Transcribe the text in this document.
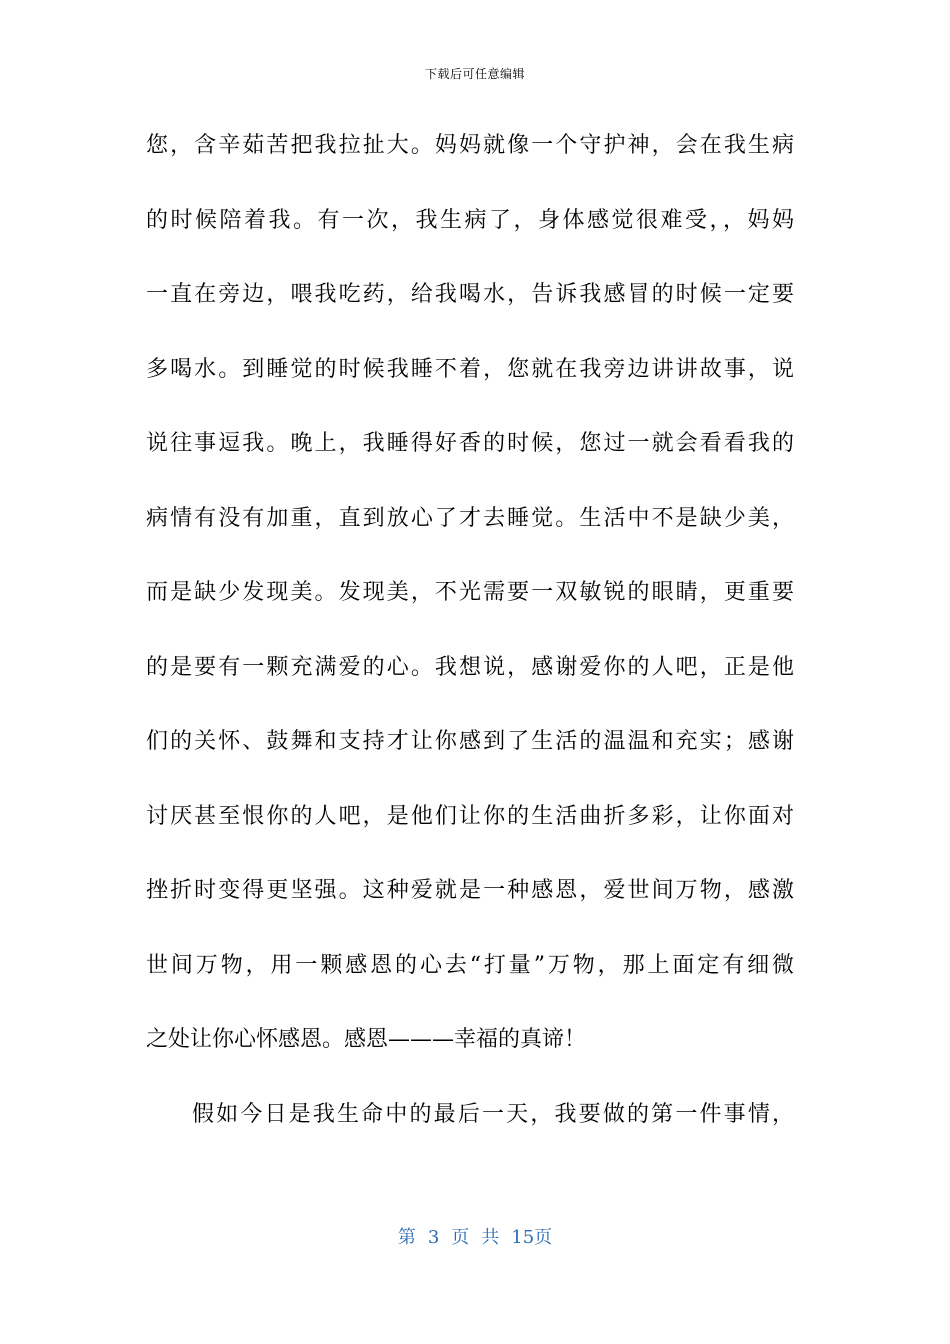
下载后可任意编辑
您，含辛茹苦把我拉扯大。妈妈就像一个守护神，会在我生病
的时候陪着我。有一次，我生病了，身体感觉很难受，，妈妈
一直在旁边，喂我吃药，给我喝水，告诉我感冒的时候一定要
多喝水。到睡觉的时候我睡不着，您就在我旁边讲讲故事，说
说往事逗我。晚上，我睡得好香的时候，您过一就会看看我的
病情有没有加重，直到放心了才去睡觉。生活中不是缺少美，
而是缺少发现美。发现美，不光需要一双敏锐的眼睛，更重要
的是要有一颗充满爱的心。我想说，感谢爱你的人吧，正是他
们的关怀、鼓舞和支持才让你感到了生活的温温和充实；感谢
讨厌甚至恨你的人吧，是他们让你的生活曲折多彩，让你面对
挫折时变得更坚强。这种爱就是一种感恩，爱世间万物，感激
世间万物，用一颗感恩的心去“打量”万物，那上面定有细微
之处让你心怀感恩。感恩———幸福的真谛！
假如今日是我生命中的最后一天，我要做的第一件事情，
第 3 页 共 15页
